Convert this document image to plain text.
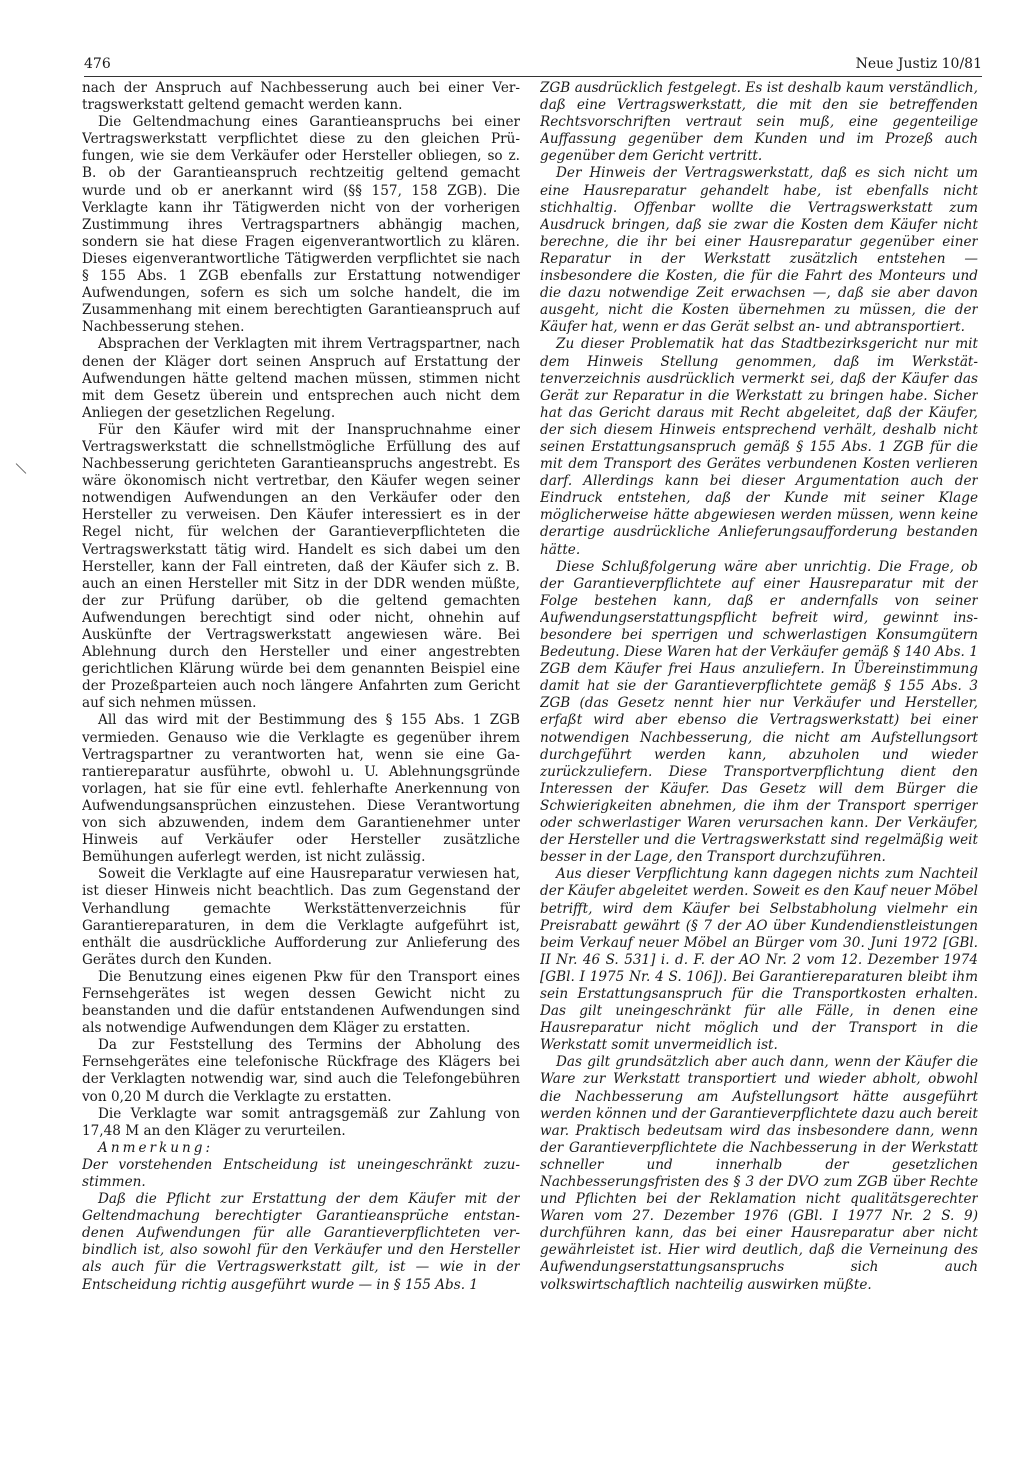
476	Neue Justiz 10/81

nach der Anspruch auf Nachbesserung auch bei einer Vertragswerkstatt geltend gemacht werden kann.

Die Geltendmachung eines Garantieanspruchs bei einer Vertragswerkstatt verpflichtet diese zu den gleichen Prüfungen, wie sie dem Verkäufer oder Hersteller obliegen, so z. B. ob der Garantieanspruch rechtzeitig geltend gemacht wurde und ob er anerkannt wird (§§ 157, 158 ZGB). Die Verklagte kann ihr Tätigwerden nicht von der vorherigen Zustimmung ihres Vertragspartners abhängig machen, sondern sie hat diese Fragen eigenverantwortlich zu klären. Dieses eigenverantwortliche Tätigwerden verpflichtet sie nach § 155 Abs. 1 ZGB ebenfalls zur Erstattung notwendiger Aufwendungen, sofern es sich um solche handelt, die im Zusammenhang mit einem berechtigten Garantieanspruch auf Nachbesserung stehen.

Absprachen der Verklagten mit ihrem Vertragspartner, nach denen der Kläger dort seinen Anspruch auf Erstattung der Aufwendungen hätte geltend machen müssen, stimmen nicht mit dem Gesetz überein und entsprechen auch nicht dem Anliegen der gesetzlichen Regelung.

Für den Käufer wird mit der Inanspruchnahme einer Vertragswerkstatt die schnellstmögliche Erfüllung des auf Nachbesserung gerichteten Garantieanspruchs angestrebt. Es wäre ökonomisch nicht vertretbar, den Käufer wegen seiner notwendigen Aufwendungen an den Verkäufer oder den Hersteller zu verweisen. Den Käufer interessiert es in der Regel nicht, für welchen der Garantieverpflichteten die Vertragswerkstatt tätig wird. Handelt es sich dabei um den Hersteller, kann der Fall eintreten, daß der Käufer sich z. B. auch an einen Hersteller mit Sitz in der DDR wenden müßte, der zur Prüfung darüber, ob die geltend gemachten Aufwendungen berechtigt sind oder nicht, ohnehin auf Auskünfte der Vertragswerkstatt angewiesen wäre. Bei Ablehnung durch den Hersteller und einer angestrebten gerichtlichen Klärung würde bei dem genannten Beispiel eine der Prozeßparteien auch noch längere Anfahrten zum Gericht auf sich nehmen müssen.

All das wird mit der Bestimmung des § 155 Abs. 1 ZGB vermieden. Genauso wie die Verklagte es gegenüber ihrem Vertragspartner zu verantworten hat, wenn sie eine Garantiereparatur ausführte, obwohl u. U. Ablehnungsgründe vorlagen, hat sie für eine evtl. fehlerhafte Anerkennung von Aufwendungsansprüchen einzustehen. Diese Verantwortung von sich abzuwenden, indem dem Garantienehmer unter Hinweis auf Verkäufer oder Hersteller zusätzliche Bemühungen auferlegt werden, ist nicht zulässig.

Soweit die Verklagte auf eine Hausreparatur verwiesen hat, ist dieser Hinweis nicht beachtlich. Das zum Gegenstand der Verhandlung gemachte Werkstättenverzeichnis für Garantiereparaturen, in dem die Verklagte aufgeführt ist, enthält die ausdrückliche Aufforderung zur Anlieferung des Gerätes durch den Kunden.

Die Benutzung eines eigenen Pkw für den Transport eines Fernsehgerätes ist wegen dessen Gewicht nicht zu beanstanden und die dafür entstandenen Aufwendungen sind als notwendige Aufwendungen dem Kläger zu erstatten.

Da zur Feststellung des Termins der Abholung des Fernsehgerätes eine telefonische Rückfrage des Klägers bei der Verklagten notwendig war, sind auch die Telefongebühren von 0,20 M durch die Verklagte zu erstatten.

Die Verklagte war somit antragsgemäß zur Zahlung von 17,48 M an den Kläger zu verurteilen.

Anmerkung:

Der vorstehenden Entscheidung ist uneingeschränkt zuzustimmen.

Daß die Pflicht zur Erstattung der dem Käufer mit der Geltendmachung berechtigter Garantieansprüche entstandenen Aufwendungen für alle Garantieverpflichteten verbindlich ist, also sowohl für den Verkäufer und den Hersteller als auch für die Vertragswerkstatt gilt, ist — wie in der Entscheidung richtig ausgeführt wurde — in § 155 Abs. 1

ZGB ausdrücklich festgelegt. Es ist deshalb kaum verständlich, daß eine Vertragswerkstatt, die mit den sie betreffenden Rechtsvorschriften vertraut sein muß, eine gegenteilige Auffassung gegenüber dem Kunden und im Prozeß auch gegenüber dem Gericht vertritt.

Der Hinweis der Vertragswerkstatt, daß es sich nicht um eine Hausreparatur gehandelt habe, ist ebenfalls nicht stichhaltig. Offenbar wollte die Vertragswerkstatt zum Ausdruck bringen, daß sie zwar die Kosten dem Käufer nicht berechne, die ihr bei einer Hausreparatur gegenüber einer Reparatur in der Werkstatt zusätzlich entstehen — insbesondere die Kosten, die für die Fahrt des Monteurs und die dazu notwendige Zeit erwachsen —, daß sie aber davon ausgeht, nicht die Kosten übernehmen zu müssen, die der Käufer hat, wenn er das Gerät selbst an- und abtransportiert.

Zu dieser Problematik hat das Stadtbezirksgericht nur mit dem Hinweis Stellung genommen, daß im Werkstättenverzeichnis ausdrücklich vermerkt sei, daß der Käufer das Gerät zur Reparatur in die Werkstatt zu bringen habe. Sicher hat das Gericht daraus mit Recht abgeleitet, daß der Käufer, der sich diesem Hinweis entsprechend verhält, deshalb nicht seinen Erstattungsanspruch gemäß § 155 Abs. 1 ZGB für die mit dem Transport des Gerätes verbundenen Kosten verlieren darf. Allerdings kann bei dieser Argumentation auch der Eindruck entstehen, daß der Kunde mit seiner Klage möglicherweise hätte abgewiesen werden müssen, wenn keine derartige ausdrückliche Anlieferungsaufforderung bestanden hätte.

Diese Schlußfolgerung wäre aber unrichtig. Die Frage, ob der Garantieverpflichtete auf einer Hausreparatur mit der Folge bestehen kann, daß er andernfalls von seiner Aufwendungserstattungspflicht befreit wird, gewinnt insbesondere bei sperrigen und schwerlastigen Konsumgütern Bedeutung. Diese Waren hat der Verkäufer gemäß § 140 Abs. 1 ZGB dem Käufer frei Haus anzuliefern. In Übereinstimmung damit hat sie der Garantieverpflichtete gemäß § 155 Abs. 3 ZGB (das Gesetz nennt hier nur Verkäufer und Hersteller, erfaßt wird aber ebenso die Vertragswerkstatt) bei einer notwendigen Nachbesserung, die nicht am Aufstellungsort durchgeführt werden kann, abzuholen und wieder zurückzuliefern. Diese Transportverpflichtung dient den Interessen der Käufer. Das Gesetz will dem Bürger die Schwierigkeiten abnehmen, die ihm der Transport sperriger oder schwerlastiger Waren verursachen kann. Der Verkäufer, der Hersteller und die Vertragswerkstatt sind regelmäßig weit besser in der Lage, den Transport durchzuführen.

Aus dieser Verpflichtung kann dagegen nichts zum Nachteil der Käufer abgeleitet werden. Soweit es den Kauf neuer Möbel betrifft, wird dem Käufer bei Selbstabholung vielmehr ein Preisrabatt gewährt (§ 7 der AO über Kundendienstleistungen beim Verkauf neuer Möbel an Bürger vom 30. Juni 1972 [GBl. II Nr. 46 S. 531] i. d. F. der AO Nr. 2 vom 12. Dezember 1974 [GBl. I 1975 Nr. 4 S. 106]). Bei Garantiereparaturen bleibt ihm sein Erstattungsanspruch für die Transportkosten erhalten. Das gilt uneingeschränkt für alle Fälle, in denen eine Hausreparatur nicht möglich und der Transport in die Werkstatt somit unvermeidlich ist.

Das gilt grundsätzlich aber auch dann, wenn der Käufer die Ware zur Werkstatt transportiert und wieder abholt, obwohl die Nachbesserung am Aufstellungsort hätte ausgeführt werden können und der Garantieverpflichtete dazu auch bereit war. Praktisch bedeutsam wird das insbesondere dann, wenn der Garantieverpflichtete die Nachbesserung in der Werkstatt schneller und innerhalb der gesetzlichen Nachbesserungsfristen des § 3 der DVO zum ZGB über Rechte und Pflichten bei der Reklamation nicht qualitätsgerechter Waren vom 27. Dezember 1976 (GBl. I 1977 Nr. 2 S. 9) durchführen kann, das bei einer Hausreparatur aber nicht gewährleistet ist. Hier wird deutlich, daß die Verneinung des Aufwendungserstattungsanspruchs sich auch volkswirtschaftlich nachteilig auswirken müßte.
